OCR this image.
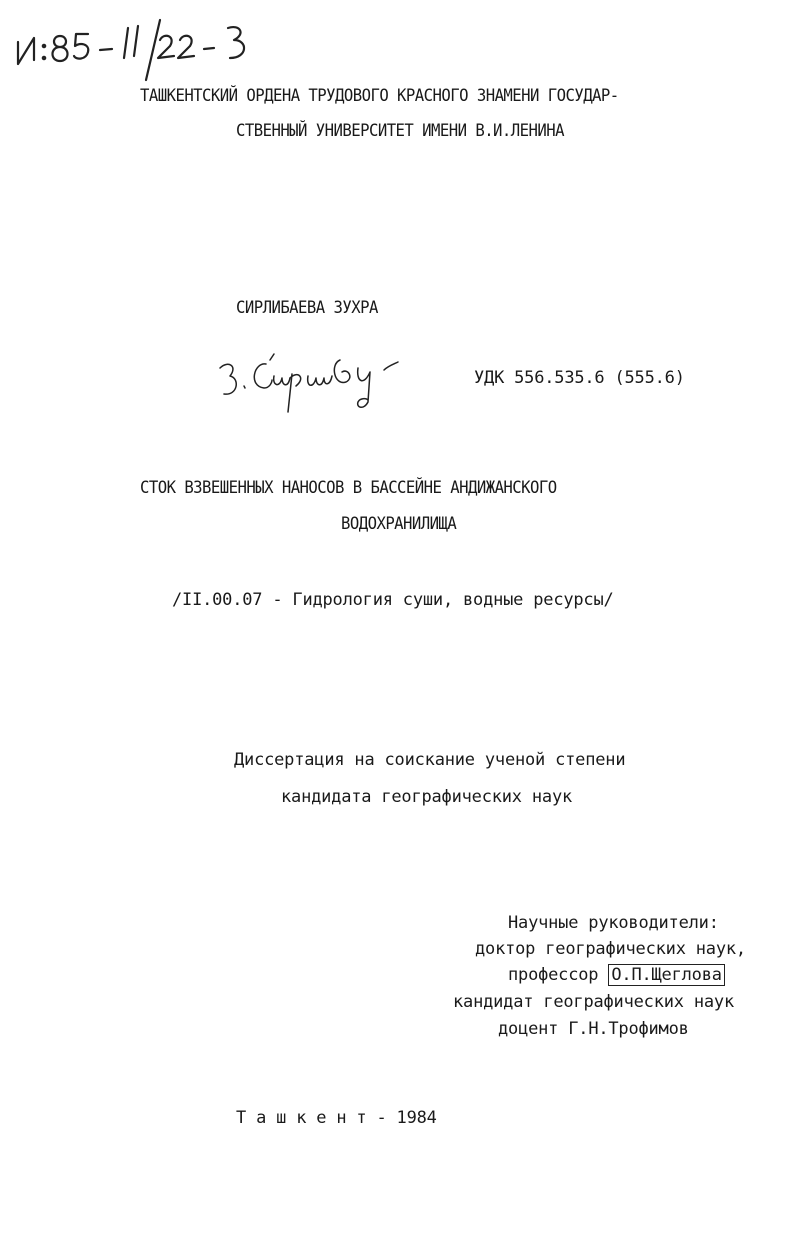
ТАШКЕНТСКИЙ ОРДЕНА ТРУДОВОГО КРАСНОГО ЗНАМЕНИ ГОСУДАР-
СТВЕННЫЙ УНИВЕРСИТЕТ ИМЕНИ В.И.ЛЕНИНА
СИРЛИБАЕВА ЗУХРА
УДК 556.535.6 (555.6)
СТОК ВЗВЕШЕННЫХ НАНОСОВ В БАССЕЙНЕ АНДИЖАНСКОГО
ВОДОХРАНИЛИЩА
/II.00.07 - Гидрология суши, водные ресурсы/
Диссертация на соискание ученой степени
кандидата географических наук
Научные руководители:
доктор географических наук,
профессор О.П.Щеглова
кандидат географических наук
доцент Г.Н.Трофимов
Т а ш к е н т - 1984
